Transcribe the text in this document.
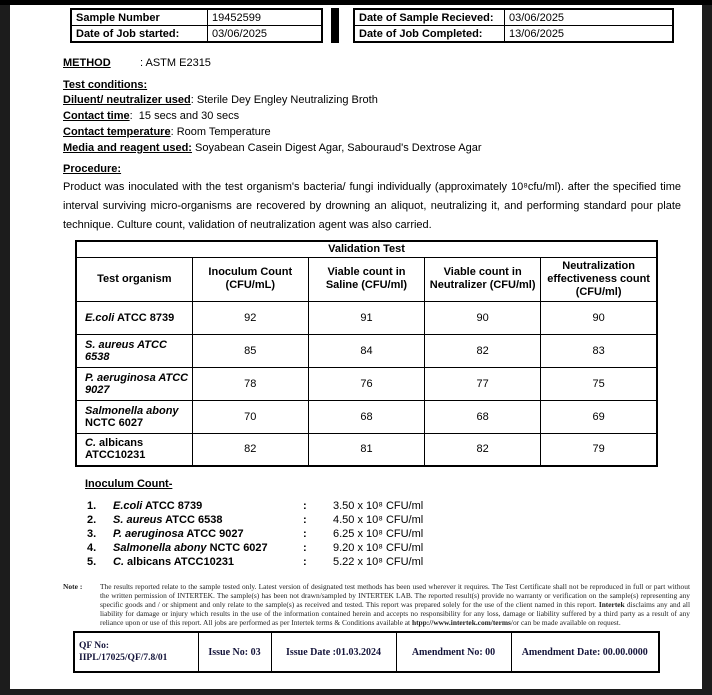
Sample Number	19452599
Date of Job started:	03/06/2025
Date of Sample Recieved:	03/06/2025
Date of Job Completed:	13/06/2025
METHOD	: ASTM E2315
Test conditions:
Diluent/ neutralizer used: Sterile Dey Engley Neutralizing Broth
Contact time:  15 secs and 30 secs
Contact temperature: Room Temperature
Media and reagent used: Soyabean Casein Digest Agar, Sabouraud's Dextrose Agar
Procedure:
Product was inoculated with the test organism's bacteria/ fungi individually (approximately 10⁸cfu/ml). after the specified time interval surviving micro-organisms are recovered by drowning an aliquot, neutralizing it, and performing standard pour plate technique. Culture count, validation of neutralization agent was also carried.
Validation Test				
Test organism	Inoculum Count (CFU/mL)	Viable count in Saline (CFU/ml)	Viable count in Neutralizer (CFU/ml)	Neutralization effectiveness count (CFU/ml)
E.coli ATCC 8739	92	91	90	90
S. aureus ATCC 6538	85	84	82	83
P. aeruginosa ATCC 9027	78	76	77	75
Salmonella abony NCTC 6027	70	68	68	69
C. albicans ATCC10231	82	81	82	79
Inoculum Count-
1.	E.coli ATCC 8739	:	3.50 x 10⁸ CFU/ml
2.	S. aureus ATCC 6538	:	4.50 x 10⁸ CFU/ml
3.	P. aeruginosa ATCC 9027	:	6.25 x 10⁸ CFU/ml
4.	Salmonella abony NCTC 6027	:	9.20 x 10⁸ CFU/ml
5.	C. albicans ATCC10231	:	5.22 x 10⁸ CFU/ml
Note :	The results reported relate to the sample tested only. Latest version of designated test methods has been used wherever it requires. The Test Certificate shall not be reproduced in full or part without the written permission of INTERTEK. The sample(s) has been not drawn/sampled by INTERTEK LAB. The reported result(s) provide no warranty or verification on the sample(s) representing any specific goods and / or shipment and only relate to the sample(s) as received and tested. This report was prepared solely for the use of the client named in this report. Intertek disclaims any and all liability for damage or injury which results in the use of the information contained herein and accepts no responsibility for any loss, damage or liability suffered by a third party as a result of any reliance upon or use of this report. All jobs are performed as per Intertek terms & Conditions available at htpp://www.intertek.com/terms/or can be made available on request.
QF No:
IIPL/17025/QF/7.8/01
	Issue No: 03	Issue Date :01.03.2024	Amendment No: 00	Amendment Date: 00.00.0000
